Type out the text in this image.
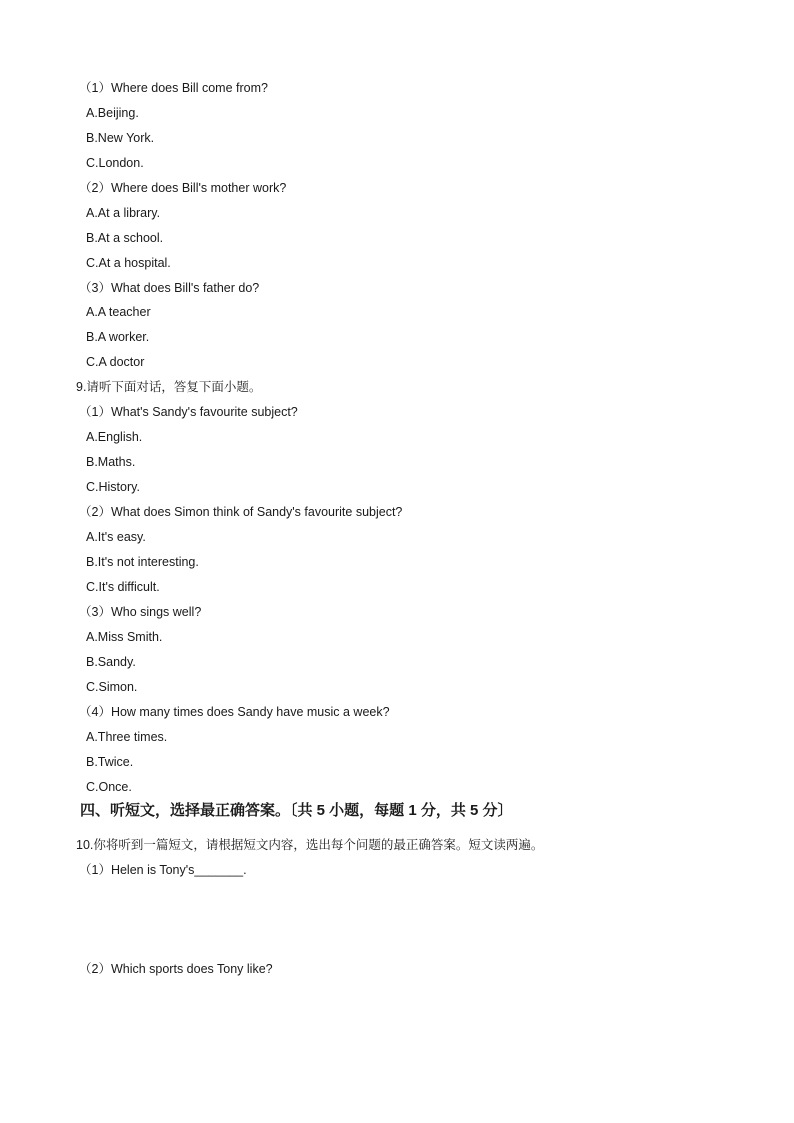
（1）Where does Bill come from?
A.Beijing.
B.New York.
C.London.
（2）Where does Bill's mother work?
A.At a library.
B.At a school.
C.At a hospital.
（3）What does Bill's father do?
A.A teacher
B.A worker.
C.A doctor
9.请听下面对话，答复下面小题。
（1）What's Sandy's favourite subject?
A.English.
B.Maths.
C.History.
（2）What does Simon think of Sandy's favourite subject?
A.It's easy.
B.It's not interesting.
C.It's difficult.
（3）Who sings well?
A.Miss Smith.
B.Sandy.
C.Simon.
（4）How many times does Sandy have music a week?
A.Three times.
B.Twice.
C.Once.
四、听短文，选择最正确答案。〔共 5 小题，每题 1 分，共 5 分〕
10.你将听到一篇短文，请根据短文内容，选出每个问题的最正确答案。短文读两遍。
（1）Helen is Tony's_______.
（2）Which sports does Tony like?
